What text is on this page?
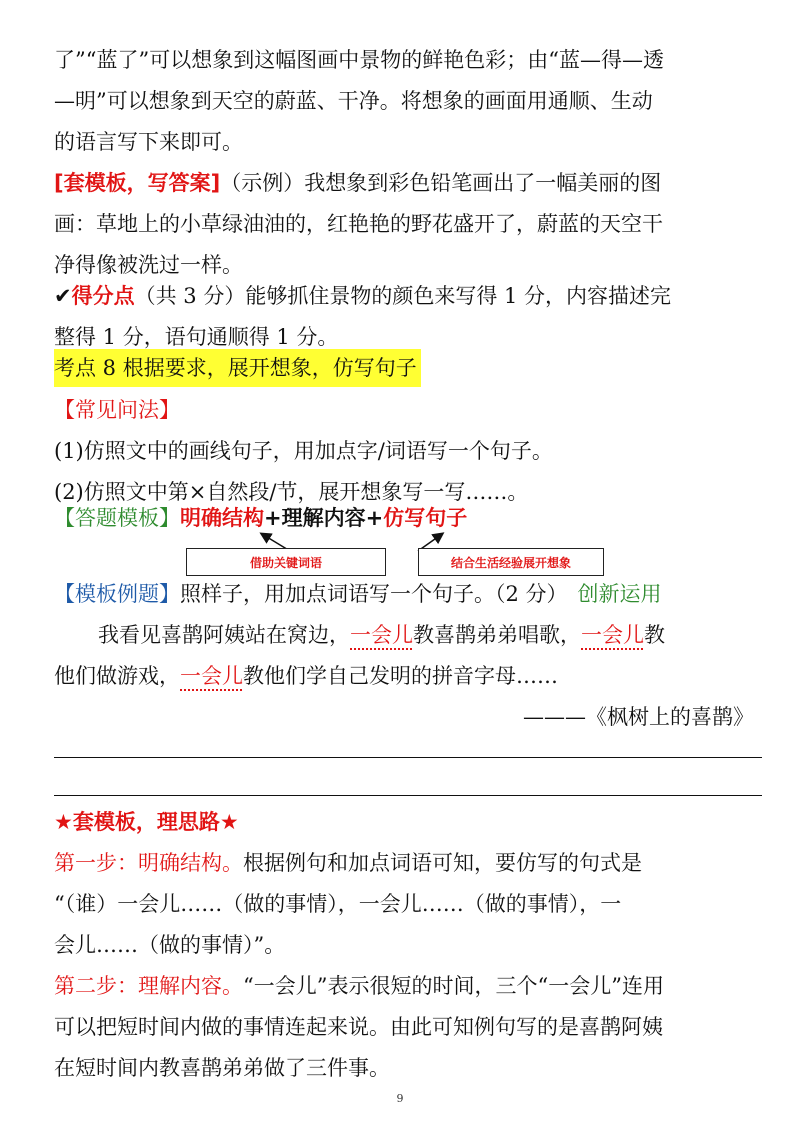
了”“蓝了”可以想象到这幅图画中景物的鲜艳色彩；由“蓝—得—透
—明”可以想象到天空的蔚蓝、干净。将想象的画面用通顺、生动
的语言写下来即可。
[套模板，写答案]（示例）我想象到彩色铅笔画出了一幅美丽的图
画：草地上的小草绿油油的，红艳艳的野花盛开了，蔚蓝的天空干
净得像被洗过一样。
✔得分点（共 3 分）能够抓住景物的颜色来写得 1 分，内容描述完
整得 1 分，语句通顺得 1 分。
考点 8 根据要求，展开想象，仿写句子
【常见问法】
(1)仿照文中的画线句子，用加点字/词语写一个句子。
(2)仿照文中第×自然段/节，展开想象写一写……。
【答题模板】明确结构+理解内容+仿写句子
借助关键词语	结合生活经验展开想象
【模板例题】照样子，用加点词语写一个句子。（2 分） 创新运用
我看见喜鹊阿姨站在窝边，一会儿教喜鹊弟弟唱歌，一会儿教
他们做游戏，一会儿教他们学自己发明的拼音字母……
———《枫树上的喜鹊》
★套模板，理思路★
第一步：明确结构。根据例句和加点词语可知，要仿写的句式是
“（谁）一会儿……（做的事情），一会儿……（做的事情），一
会儿……（做的事情）”。
第二步：理解内容。“一会儿”表示很短的时间，三个“一会儿”连用
可以把短时间内做的事情连起来说。由此可知例句写的是喜鹊阿姨
在短时间内教喜鹊弟弟做了三件事。
9
